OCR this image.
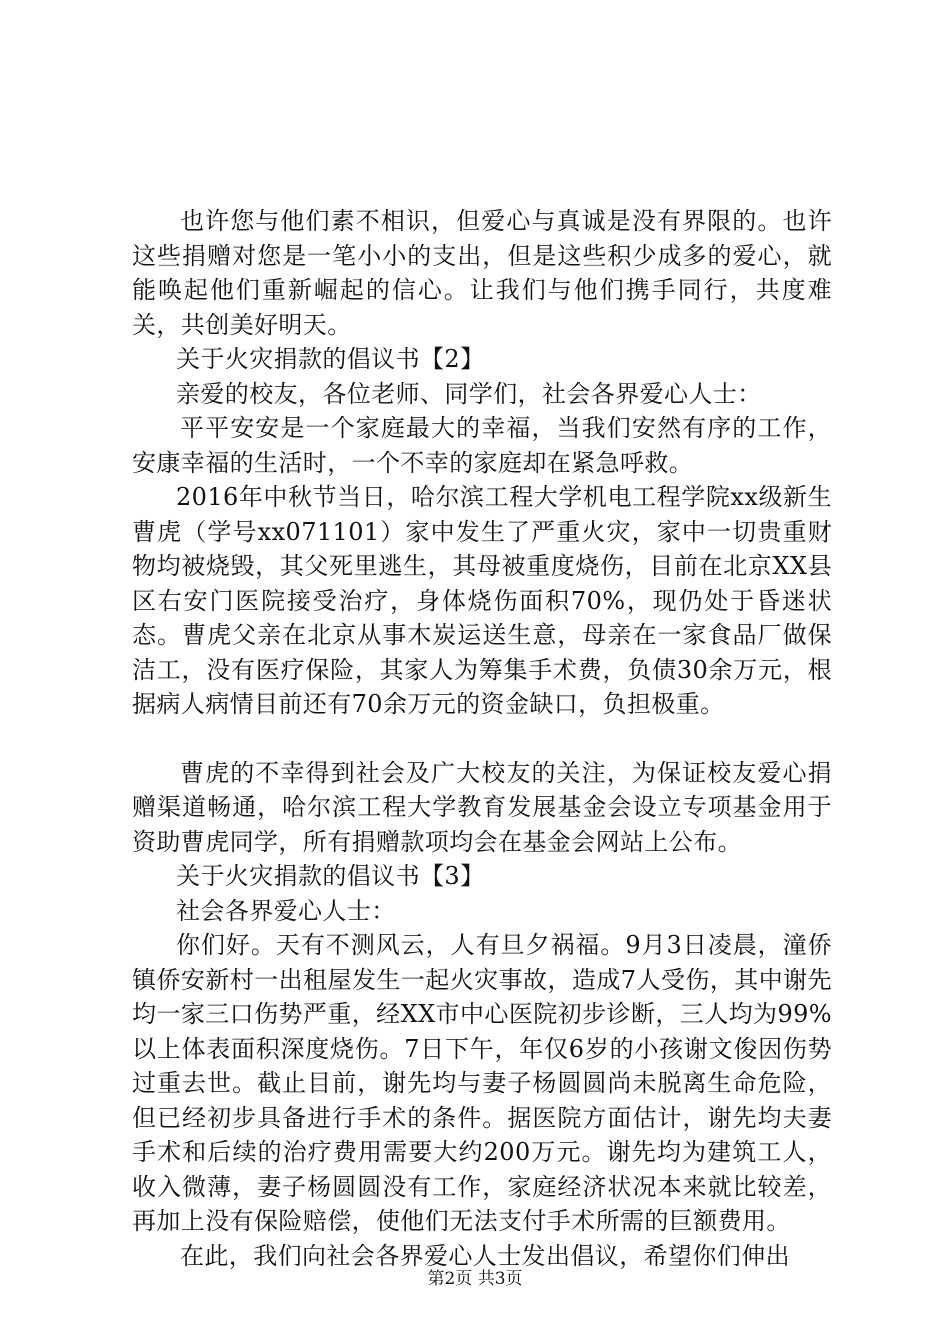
也许您与他们素不相识，但爱心与真诚是没有界限的。也许这些捐赠对您是一笔小小的支出，但是这些积少成多的爱心，就能唤起他们重新崛起的信心。让我们与他们携手同行，共度难关，共创美好明天。

关于火灾捐款的倡议书【2】

亲爱的校友，各位老师、同学们，社会各界爱心人士：

平平安安是一个家庭最大的幸福，当我们安然有序的工作，安康幸福的生活时，一个不幸的家庭却在紧急呼救。

2016年中秋节当日，哈尔滨工程大学机电工程学院xx级新生曹虎（学号xx071101）家中发生了严重火灾，家中一切贵重财物均被烧毁，其父死里逃生，其母被重度烧伤，目前在北京XX县区右安门医院接受治疗，身体烧伤面积70%，现仍处于昏迷状态。曹虎父亲在北京从事木炭运送生意，母亲在一家食品厂做保洁工，没有医疗保险，其家人为筹集手术费，负债30余万元，根据病人病情目前还有70余万元的资金缺口，负担极重。

曹虎的不幸得到社会及广大校友的关注，为保证校友爱心捐赠渠道畅通，哈尔滨工程大学教育发展基金会设立专项基金用于资助曹虎同学，所有捐赠款项均会在基金会网站上公布。

关于火灾捐款的倡议书【3】

社会各界爱心人士：

你们好。天有不测风云，人有旦夕祸福。9月3日凌晨，潼侨镇侨安新村一出租屋发生一起火灾事故，造成7人受伤，其中谢先均一家三口伤势严重，经XX市中心医院初步诊断，三人均为99%以上体表面积深度烧伤。7日下午，年仅6岁的小孩谢文俊因伤势过重去世。截止目前，谢先均与妻子杨圆圆尚未脱离生命危险，但已经初步具备进行手术的条件。据医院方面估计，谢先均夫妻手术和后续的治疗费用需要大约200万元。谢先均为建筑工人，收入微薄，妻子杨圆圆没有工作，家庭经济状况本来就比较差，再加上没有保险赔偿，使他们无法支付手术所需的巨额费用。

在此，我们向社会各界爱心人士发出倡议，希望你们伸出

第2页 共3页
